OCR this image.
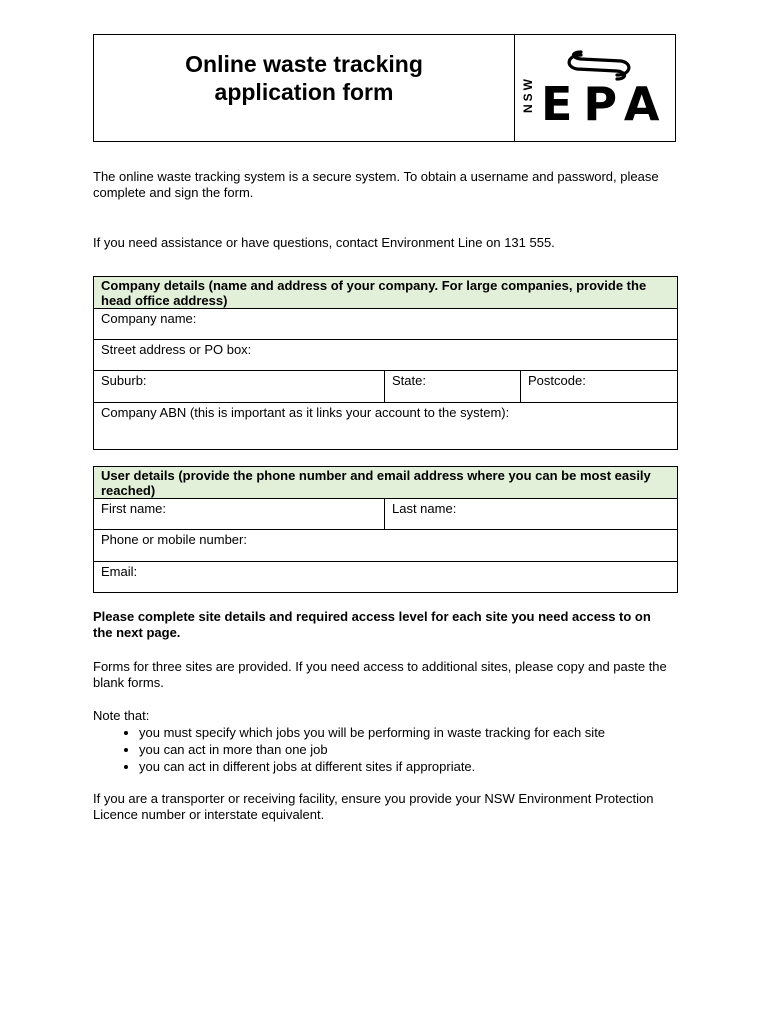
Online waste tracking
application form	NSW EPA
The online waste tracking system is a secure system. To obtain a username and password, please complete and sign the form.
If you need assistance or have questions, contact Environment Line on 131 555.
Company details (name and address of your company. For large companies, provide the head office address)
Company name:
Street address or PO box:
Suburb:	State:	Postcode:
Company ABN (this is important as it links your account to the system):
User details (provide the phone number and email address where you can be most easily reached)
First name:	Last name:
Phone or mobile number:
Email:
Please complete site details and required access level for each site you need access to on the next page.
Forms for three sites are provided. If you need access to additional sites, please copy and paste the blank forms.
Note that:
• you must specify which jobs you will be performing in waste tracking for each site
• you can act in more than one job
• you can act in different jobs at different sites if appropriate.
If you are a transporter or receiving facility, ensure you provide your NSW Environment Protection Licence number or interstate equivalent.
